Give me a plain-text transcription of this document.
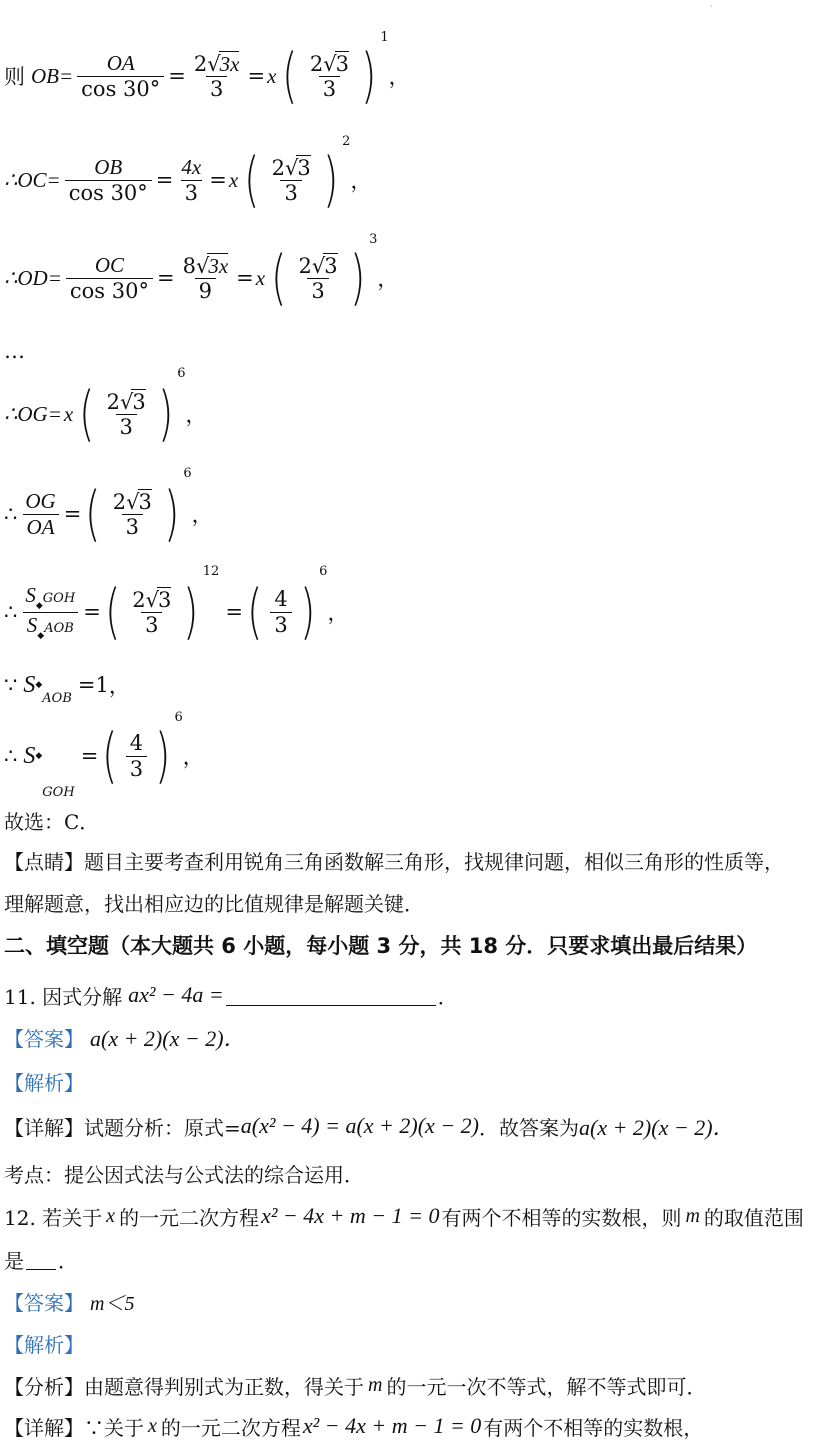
·
则 $OB= \frac{OA}{\cos 30^\circ} = \frac{2√3x}{3} = x$ ( $\frac{2√3}{3}$ )
1
，
∴OC= $\frac{OB}{\cos 30^\circ} = \frac{4x}{3} = x$ ( $\frac{2√3}{3}$ )
2
，
∴OD= $\frac{OC}{\cos 30^\circ} = \frac{8√3x}{9} = x$ ( $\frac{2√3}{3}$ )
3
，
…
∴OG= x ( $\frac{2√3}{3}$ )
6
，
∴ $\frac{OG}{OA}$ = ( $\frac{2√3}{3}$ )
6
，
∴ $\frac{S_◆GOH}{S_◆AOB}$ = ( $\frac{2√3}{3}$ )
12
= ( $\frac{4}{3}$ )
6
，
∵ S ◆
AOB
=1 ，
∴ S ◆
GOH
= ( $\frac{4}{3}$ )
6
，
故选：C．
【点睛】 题目主要考查利用锐角三角函数解三角形，找规律问题，相似三角形的性质等，
理解题意，找出相应边的比值规律是解题关键．
二、填空题（本大题共 6 小题，每小题 3 分，共 18 分．只要求填出最后结果）
11. 因式分解 ax² − 4a =	．
【答案】 a(x + 2)(x − 2)．
【解析】
【详解】 试题分析：原式= a(x² − 4) = a(x + 2)(x − 2) ．故答案为 a(x + 2)(x − 2)．
考点：提公因式法与公式法的综合运用．
12. 若关于 x 的一元二次方程 x² − 4x + m − 1 = 0 有两个不相等的实数根，则 m 的取值范围
是 ．
【答案】 m＜5
【解析】
【分析】 由题意得判别式为正数，得关于 m 的一元一次不等式，解不等式即可．
【详解】 ∵关于 x 的一元二次方程 x² − 4x + m − 1 = 0 有两个不相等的实数根，
